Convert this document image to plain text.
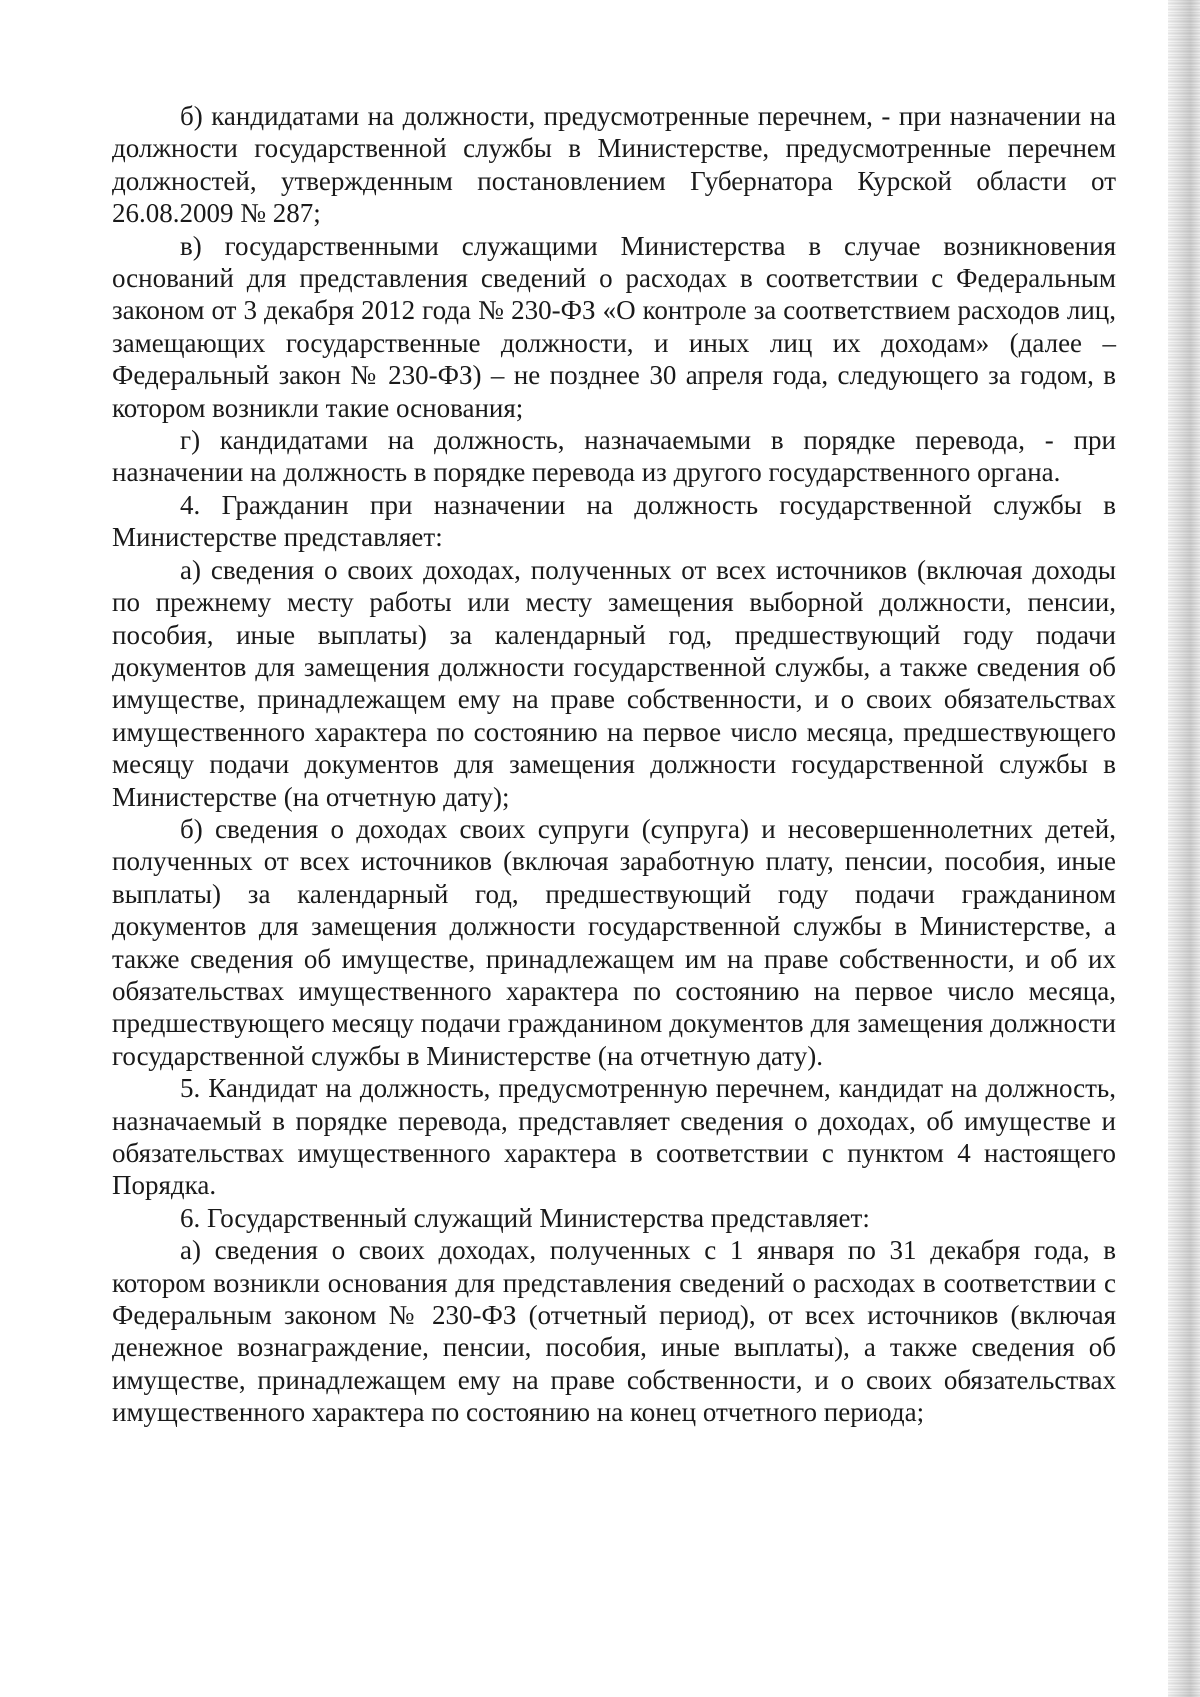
б) кандидатами на должности, предусмотренные перечнем, - при назначении на должности государственной службы в Министерстве, предусмотренные перечнем должностей, утвержденным постановлением Губернатора Курской области от 26.08.2009 № 287;

в) государственными служащими Министерства в случае возникновения оснований для представления сведений о расходах в соответствии с Федеральным законом от 3 декабря 2012 года № 230-ФЗ «О контроле за соответствием расходов лиц, замещающих государственные должности, и иных лиц их доходам» (далее – Федеральный закон № 230-ФЗ) – не позднее 30 апреля года, следующего за годом, в котором возникли такие основания;

г) кандидатами на должность, назначаемыми в порядке перевода, - при назначении на должность в порядке перевода из другого государственного органа.

4. Гражданин при назначении на должность государственной службы в Министерстве представляет:

а) сведения о своих доходах, полученных от всех источников (включая доходы по прежнему месту работы или месту замещения выборной должности, пенсии, пособия, иные выплаты) за календарный год, предшествующий году подачи документов для замещения должности государственной службы, а также сведения об имуществе, принадлежащем ему на праве собственности, и о своих обязательствах имущественного характера по состоянию на первое число месяца, предшествующего месяцу подачи документов для замещения должности государственной службы в Министерстве (на отчетную дату);

б) сведения о доходах своих супруги (супруга) и несовершеннолетних детей, полученных от всех источников (включая заработную плату, пенсии, пособия, иные выплаты) за календарный год, предшествующий году подачи гражданином документов для замещения должности государственной службы в Министерстве, а также сведения об имуществе, принадлежащем им на праве собственности, и об их обязательствах имущественного характера по состоянию на первое число месяца, предшествующего месяцу подачи гражданином документов для замещения должности государственной службы в Министерстве (на отчетную дату).

5. Кандидат на должность, предусмотренную перечнем, кандидат на должность, назначаемый в порядке перевода, представляет сведения о доходах, об имуществе и обязательствах имущественного характера в соответствии с пунктом 4 настоящего Порядка.

6. Государственный служащий Министерства представляет:

а) сведения о своих доходах, полученных с 1 января по 31 декабря года, в котором возникли основания для представления сведений о расходах в соответствии с Федеральным законом № 230-ФЗ (отчетный период), от всех источников (включая денежное вознаграждение, пенсии, пособия, иные выплаты), а также сведения об имуществе, принадлежащем ему на праве собственности, и о своих обязательствах имущественного характера по состоянию на конец отчетного периода;
